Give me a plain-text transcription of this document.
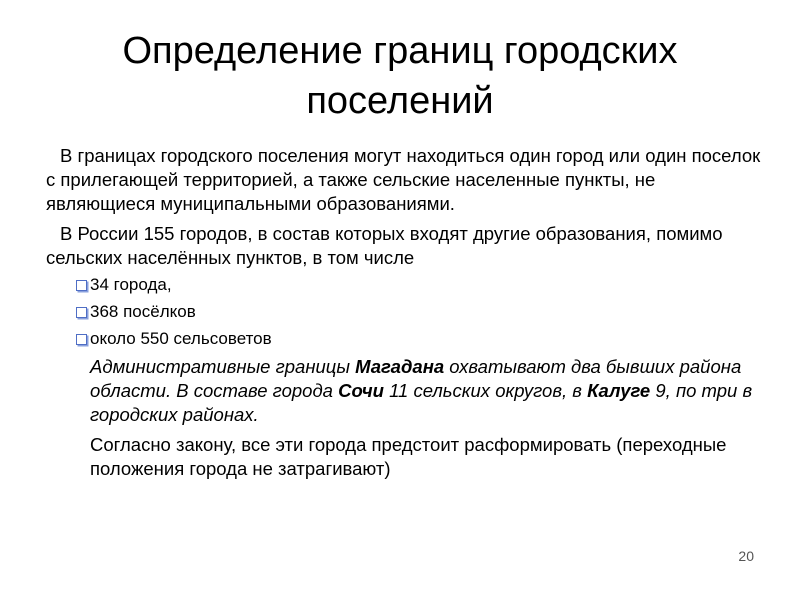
Определение границ городских поселений

В границах городского поселения могут находиться один город или один поселок с прилегающей территорией, а также сельские населенные пункты, не являющиеся муниципальными образованиями.

В России 155 городов, в состав которых входят другие образования, помимо сельских населённых пунктов, в том числе

34 города,
368 посёлков
около 550 сельсоветов

Административные границы Магадана охватывают два бывших района области. В составе города Сочи 11 сельских округов, в Калуге 9, по три в городских районах.

Согласно закону, все эти города предстоит расформировать (переходные положения города не затрагивают)

20
